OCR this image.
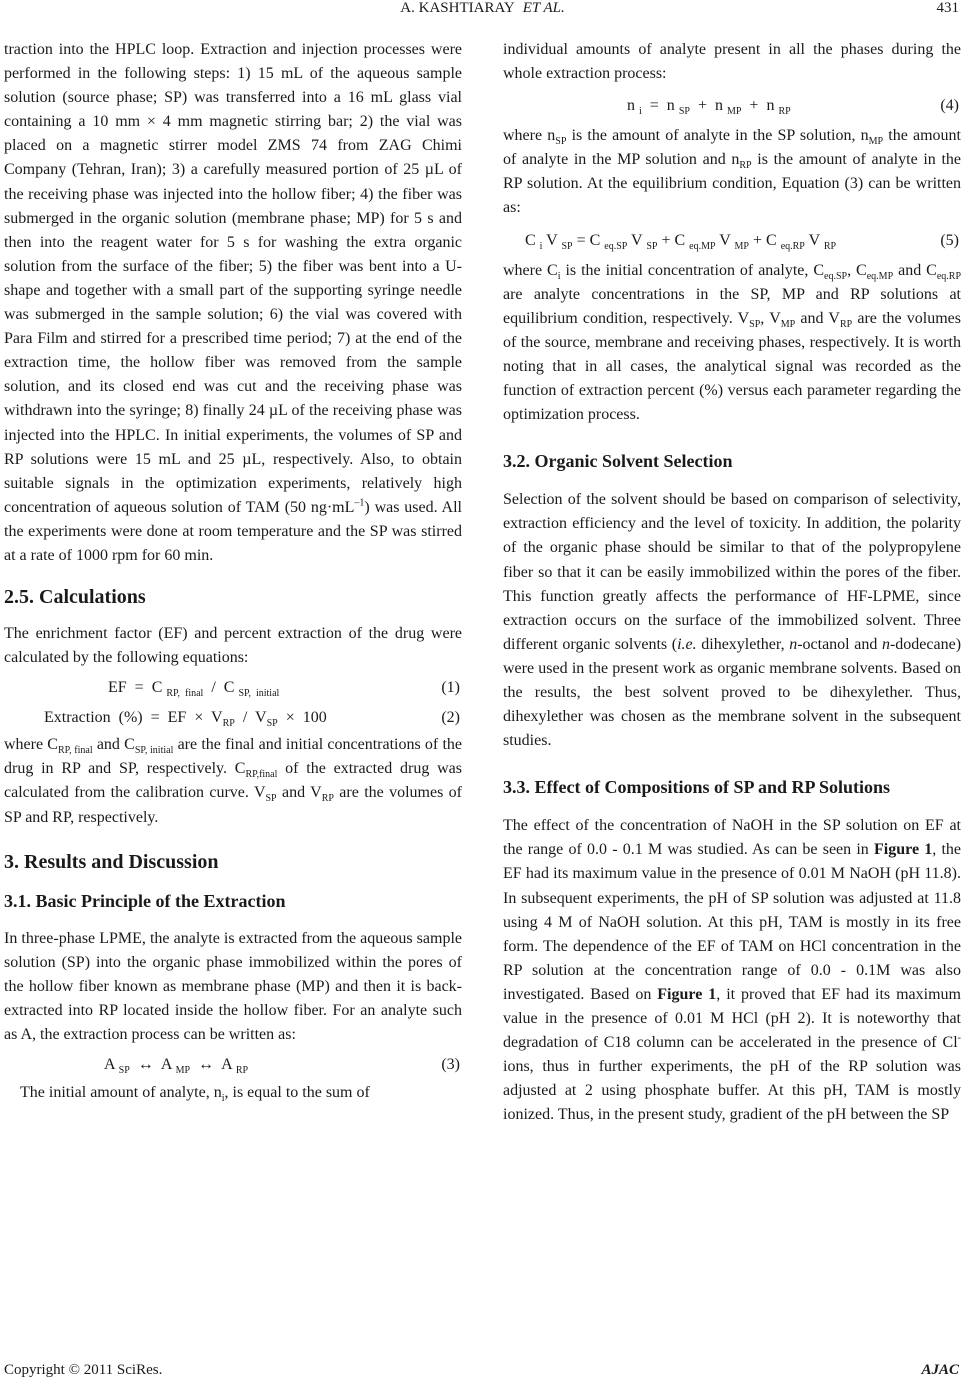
A. KASHTIARAY ET AL.	431

traction into the HPLC loop. Extraction and injection processes were performed in the following steps: 1) 15 mL of the aqueous sample solution (source phase; SP) was transferred into a 16 mL glass vial containing a 10 mm × 4 mm magnetic stirring bar; 2) the vial was placed on a magnetic stirrer model ZMS 74 from ZAG Chimi Company (Tehran, Iran); 3) a carefully measured portion of 25 µL of the receiving phase was injected into the hollow fiber; 4) the fiber was submerged in the organic solution (membrane phase; MP) for 5 s and then into the reagent water for 5 s for washing the extra organic solution from the surface of the fiber; 5) the fiber was bent into a U-shape and together with a small part of the supporting syringe needle was submerged in the sample solution; 6) the vial was covered with Para Film and stirred for a prescribed time period; 7) at the end of the extraction time, the hollow fiber was removed from the sample solution, and its closed end was cut and the receiving phase was withdrawn into the syringe; 8) finally 24 µL of the receiving phase was injected into the HPLC. In initial experiments, the volumes of SP and RP solutions were 15 mL and 25 µL, respectively. Also, to obtain suitable signals in the optimization experiments, relatively high concentration of aqueous solution of TAM (50 $ng\cdot mL^{-1}$) was used. All the experiments were done at room temperature and the SP was stirred at a rate of 1000 rpm for 60 min.

2.5. Calculations

The enrichment factor (EF) and percent extraction of the drug were calculated by the following equations:

EF  =  C $_{RP, final}$  /  C $_{SP, initial}$	(1)
Extraction  (%)  =  EF  ×  $V_{RP} / V_{SP} \times 100$	(2)

where $C_{RP, final}$ and $C_{SP, initial}$ are the final and initial concentrations of the drug in RP and SP, respectively. $C_{RP,final}$ of the extracted drug was calculated from the calibration curve. $V_{SP}$ and $V_{RP}$ are the volumes of SP and RP, respectively.

3. Results and Discussion
3.1. Basic Principle of the Extraction

In three-phase LPME, the analyte is extracted from the aqueous sample solution (SP) into the organic phase immobilized within the pores of the hollow fiber known as membrane phase (MP) and then it is back-extracted into RP located inside the hollow fiber. For an analyte such as A, the extraction process can be written as:

A $_{SP}$  ↔  A $_{MP}$  ↔  A $_{RP}$	(3)

The initial amount of analyte, $n_i$, is equal to the sum of

individual amounts of analyte present in all the phases during the whole extraction process:

n $_i$  =  n $_{SP}$  +  n $_{MP}$  +  n $_{RP}$	(4)

where $n_{SP}$ is the amount of analyte in the SP solution, $n_{MP}$ the amount of analyte in the MP solution and $n_{RP}$ is the amount of analyte in the RP solution. At the equilibrium condition, Equation (3) can be written as:

C $_i$ V $_{SP}$ = C $_{eq.SP}$ V $_{SP}$ + C $_{eq.MP}$ V $_{MP}$ + C $_{eq.RP}$ V $_{RP}$	(5)

where $C_i$ is the initial concentration of analyte, $C_{eq.SP}$, $C_{eq.MP}$ and $C_{eq.RP}$ are analyte concentrations in the SP, MP and RP solutions at equilibrium condition, respectively. $V_{SP}$, $V_{MP}$ and $V_{RP}$ are the volumes of the source, membrane and receiving phases, respectively. It is worth noting that in all cases, the analytical signal was recorded as the function of extraction percent (%) versus each parameter regarding the optimization process.

3.2. Organic Solvent Selection

Selection of the solvent should be based on comparison of selectivity, extraction efficiency and the level of toxicity. In addition, the polarity of the organic phase should be similar to that of the polypropylene fiber so that it can be easily immobilized within the pores of the fiber. This function greatly affects the performance of HF-LPME, since extraction occurs on the surface of the immobilized solvent. Three different organic solvents (i.e. dihexylether, n-octanol and n-dodecane) were used in the present work as organic membrane solvents. Based on the results, the best solvent proved to be dihexylether. Thus, dihexylether was chosen as the membrane solvent in the subsequent studies.

3.3. Effect of Compositions of SP and RP Solutions

The effect of the concentration of NaOH in the SP solution on EF at the range of 0.0 - 0.1 M was studied. As can be seen in Figure 1, the EF had its maximum value in the presence of 0.01 M NaOH (pH 11.8). In subsequent experiments, the pH of SP solution was adjusted at 11.8 using 4 M of NaOH solution. At this pH, TAM is mostly in its free form. The dependence of the EF of TAM on HCl concentration in the RP solution at the concentration range of 0.0 - 0.1M was also investigated. Based on Figure 1, it proved that EF had its maximum value in the presence of 0.01 M HCl (pH 2). It is noteworthy that degradation of C18 column can be accelerated in the presence of Cl- ions, thus in further experiments, the pH of the RP solution was adjusted at 2 using phosphate buffer. At this pH, TAM is mostly ionized. Thus, in the present study, gradient of the pH between the SP

Copyright © 2011 SciRes.	AJAC
